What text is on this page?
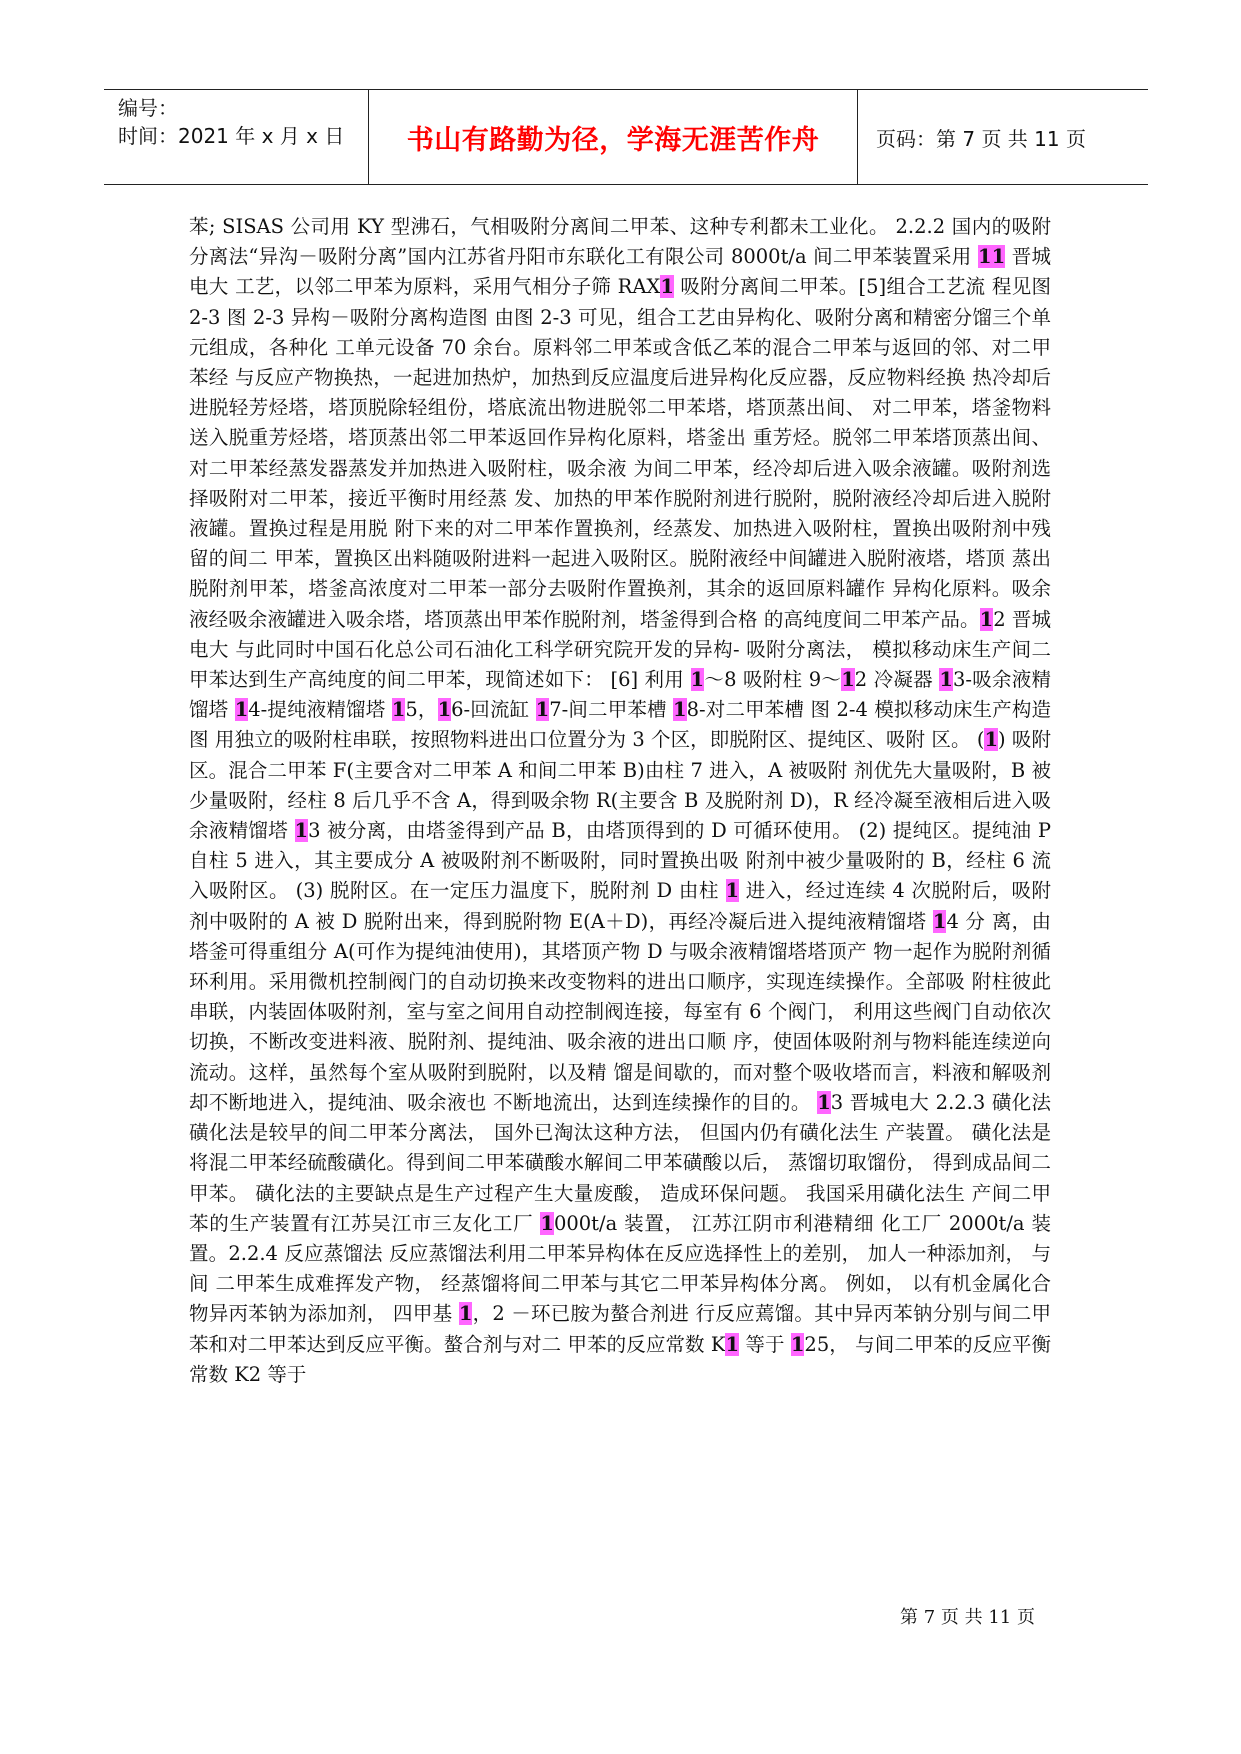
编号：
时间：2021 年 x 月 x 日 书山有路勤为径，学海无涯苦作舟	页码：第 7 页 共 11 页

苯; SISAS 公司用 KY 型沸石，气相吸附分离间二甲苯、这种专利都未工业化。 2.2.2 国内的吸附分离法“异沟－吸附分离”国内江苏省丹阳市东联化工有限公司 8000t/a 间二甲苯装置采用 11 晋城电大 工艺，以邻二甲苯为原料，采用气相分子筛 RAX1 吸附分离间二甲苯。[5]组合工艺流 程见图 2-3 图 2-3 异构－吸附分离构造图 由图 2-3 可见，组合工艺由异构化、吸附分离和精密分馏三个单元组成，各种化 工单元设备 70 余台。原料邻二甲苯或含低乙苯的混合二甲苯与返回的邻、对二甲苯经 与反应产物换热，一起进加热炉，加热到反应温度后进异构化反应器，反应物料经换 热冷却后进脱轻芳烃塔，塔顶脱除轻组份，塔底流出物进脱邻二甲苯塔，塔顶蒸出间、 对二甲苯，塔釜物料送入脱重芳烃塔，塔顶蒸出邻二甲苯返回作异构化原料，塔釜出 重芳烃。脱邻二甲苯塔顶蒸出间、对二甲苯经蒸发器蒸发并加热进入吸附柱，吸余液 为间二甲苯，经冷却后进入吸余液罐。吸附剂选择吸附对二甲苯，接近平衡时用经蒸 发、加热的甲苯作脱附剂进行脱附，脱附液经冷却后进入脱附液罐。置换过程是用脱 附下来的对二甲苯作置换剂，经蒸发、加热进入吸附柱，置换出吸附剂中残留的间二 甲苯，置换区出料随吸附进料一起进入吸附区。脱附液经中间罐进入脱附液塔，塔顶 蒸出脱附剂甲苯，塔釜高浓度对二甲苯一部分去吸附作置换剂，其余的返回原料罐作 异构化原料。吸余液经吸余液罐进入吸余塔，塔顶蒸出甲苯作脱附剂，塔釜得到合格 的高纯度间二甲苯产品。12 晋城电大 与此同时中国石化总公司石油化工科学研究院开发的异构- 吸附分离法， 模拟移动床生产间二甲苯达到生产高纯度的间二甲苯，现简述如下： [6] 利用 1～8 吸附柱 9～12 冷凝器 13-吸余液精馏塔 14-提纯液精馏塔 15，16-回流缸 17-间二甲苯槽 18-对二甲苯槽 图 2-4 模拟移动床生产构造图 用独立的吸附柱串联，按照物料进出口位置分为 3 个区，即脱附区、提纯区、吸附 区。 (1) 吸附区。混合二甲苯 F(主要含对二甲苯 A 和间二甲苯 B)由柱 7 进入，A 被吸附 剂优先大量吸附，B 被少量吸附，经柱 8 后几乎不含 A，得到吸余物 R(主要含 B 及脱附剂 D)，R 经冷凝至液相后进入吸余液精馏塔 13 被分离，由塔釜得到产品 B，由塔顶得到的 D 可循环使用。 (2) 提纯区。提纯油 P 自柱 5 进入，其主要成分 A 被吸附剂不断吸附，同时置换出吸 附剂中被少量吸附的 B，经柱 6 流入吸附区。 (3) 脱附区。在一定压力温度下，脱附剂 D 由柱 1 进入，经过连续 4 次脱附后，吸附 剂中吸附的 A 被 D 脱附出来，得到脱附物 E(A＋D)，再经冷凝后进入提纯液精馏塔 14 分 离，由塔釜可得重组分 A(可作为提纯油使用)，其塔顶产物 D 与吸余液精馏塔塔顶产 物一起作为脱附剂循环利用。采用微机控制阀门的自动切换来改变物料的进出口顺序，实现连续操作。全部吸 附柱彼此串联，内装固体吸附剂，室与室之间用自动控制阀连接，每室有 6 个阀门， 利用这些阀门自动依次切换，不断改变进料液、脱附剂、提纯油、吸余液的进出口顺 序，使固体吸附剂与物料能连续逆向流动。这样，虽然每个室从吸附到脱附，以及精 馏是间歇的，而对整个吸收塔而言，料液和解吸剂却不断地进入，提纯油、吸余液也 不断地流出，达到连续操作的目的。 13 晋城电大 2.2.3 磺化法 磺化法是较早的间二甲苯分离法， 国外已淘汰这种方法， 但国内仍有磺化法生 产装置。 磺化法是将混二甲苯经硫酸磺化。得到间二甲苯磺酸水解间二甲苯磺酸以后， 蒸馏切取馏份， 得到成品间二甲苯。 磺化法的主要缺点是生产过程产生大量废酸， 造成环保问题。 我国采用磺化法生 产间二甲苯的生产装置有江苏吴江市三友化工厂 1000t/a 装置， 江苏江阴市利港精细 化工厂 2000t/a 装置。2.2.4 反应蒸馏法 反应蒸馏法利用二甲苯异构体在反应选择性上的差别， 加人一种添加剂， 与间 二甲苯生成难挥发产物， 经蒸馏将间二甲苯与其它二甲苯异构体分离。 例如， 以有机金属化合物异丙苯钠为添加剂， 四甲基 1，2 －环已胺为螯合剂进 行反应蔫馏。其中异丙苯钠分别与间二甲苯和对二甲苯达到反应平衡。螯合剂与对二 甲苯的反应常数 K1 等于 125， 与间二甲苯的反应平衡常数 K2 等于

第 7 页 共 11 页
